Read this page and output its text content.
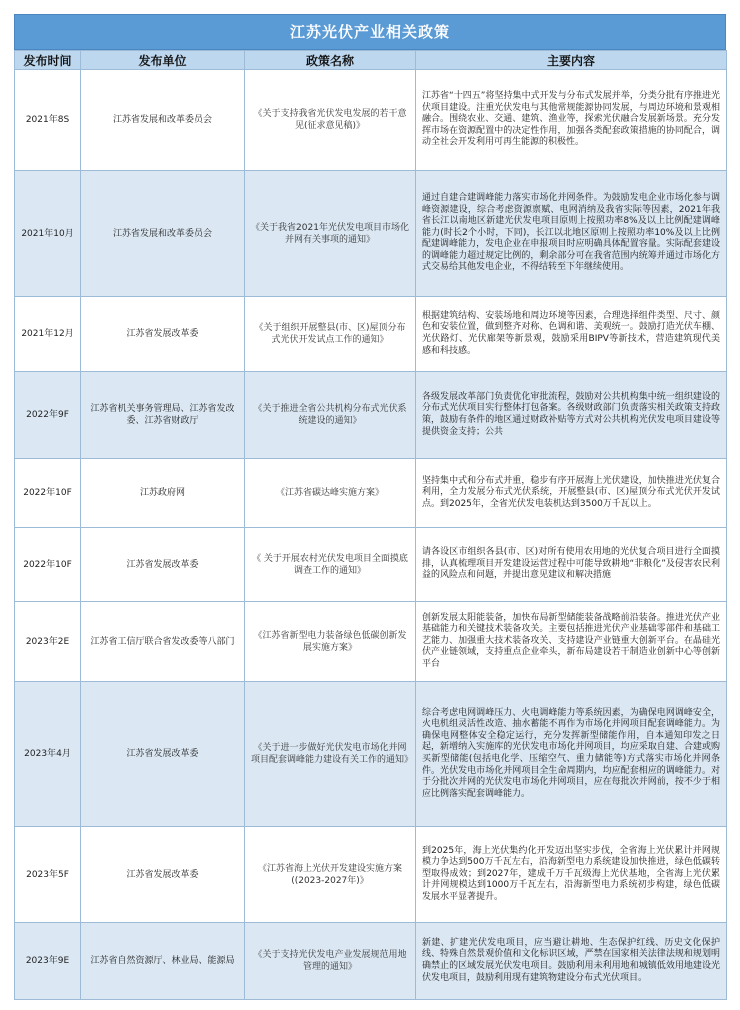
江苏光伏产业相关政策
发布时间	发布单位	政策名称	主要内容
2021年8S	江苏省发展和改革委员会	《关于支持我省光伏发电发展的若干意见(征求意见稿)》	江苏省“十四五”将坚持集中式开发与分布式发展并举，分类分批有序推进光伏项目建设。注重光伏发电与其他常规能源协同发展，与周边环境和景观相融合。围绕农业、交通、建筑、渔业等，探索光伏融合发展新场景。充分发挥市场在资源配置中的决定性作用，加强各类配套政策措施的协同配合，调动全社会开发利用可再生能源的积极性。
2021年10月	江苏省发展和改革委员会	《关于我省2021年光伏发电项目市场化并网有关事项的通知》	通过自建合建调峰能力落实市场化并网条件。为鼓励发电企业市场化参与调峰资源建设，综合考虑资源禀赋、电网消纳及我省实际等因素，2021年我省长江以南地区新建光伏发电项目原则上按照功率8%及以上比例配建调峰能力(时长2个小时，下同)，长江以北地区原则上按照功率10%及以上比例配建调峰能力，发电企业在申报项目时应明确具体配置容量。实际配套建设的调峰能力超过规定比例的，剩余部分可在我省范围内统筹并通过市场化方式交易给其他发电企业，不得结转至下年继续使用。
2021年12月	江苏省发展改革委	《关于组织开展整县(市、区)屋顶分布式光伏开发试点工作的通知》	根据建筑结构、安装场地和周边环境等因素，合理选择组件类型、尺寸、颜色和安装位置，做到整齐对称、色调和谐、美观统一。鼓励打造光伏车棚、光伏路灯、光伏廊架等新景观，鼓励采用BIPV等新技术，营造建筑现代美感和科技感。
2022年9F	江苏省机关事务管理局、江苏省发改委、江苏省财政厅	《关于推进全省公共机构分布式光伏系统建设的通知》	各级发展改革部门负责优化审批流程，鼓励对公共机构集中统一组织建设的分布式光伏项目实行整体打包备案。各级财政部门负责落实相关政策支持政策，鼓励有条件的地区通过财政补贴等方式对公共机构光伏发电项目建设等提供资金支持；公共
2022年10F	江苏政府网	《江苏省碳达峰实施方案》	坚持集中式和分布式并重，稳步有序开展海上光伏建设，加快推进光伏复合利用，全力发展分布式光伏系统，开展整县(市、区)屋顶分布式光伏开发试点。到2025年，全省光伏发电装机达到3500万千瓦以上。
2022年10F	江苏省发展改革委	《 关于开展农村光伏发电项目全面摸底调查工作的通知》	请各设区市组织各县(市、区)对所有使用农用地的光伏复合项目进行全面摸排，认真梳理项目开发建设运营过程中可能导致耕地“非粮化”及侵害农民利益的风险点和问题，并提出意见建议和解决措施
2023年2E	江苏省工信厅联合省发改委等八部门	《江苏省新型电力装备绿色低碳创新发展实施方案》	创新发展太阳能装备，加快布局新型储能装备战略前沿装备。推进光伏产业基础能力和关键技术装备攻关。主要包括推进光伏产业基础零部件和基础工艺能力、加强重大技术装备攻关、支持建设产业链重大创新平台。在晶硅光伏产业链领域，支持重点企业牵头，新布局建设若干制造业创新中心等创新平台
2023年4月	江苏省发展改革委	《关于进一步做好光伏发电市场化并网项目配套调峰能力建设有关工作的通知》	综合考虑电网调峰压力、火电调峰能力等系统因素，为确保电网调峰安全，火电机组灵活性改造、抽水蓄能不再作为市场化并网项目配套调峰能力。为确保电网整体安全稳定运行，充分发挥新型储能作用，自本通知印发之日起，新增纳入实施库的光伏发电市场化并网项目，均应采取自建、合建或购买新型储能(包括电化学、压缩空气、重力储能等)方式落实市场化并网条件。光伏发电市场化并网项目全生命周期内，均应配套相应的调峰能力。对于分批次并网的光伏发电市场化并网项目，应在每批次并网前，按不少于相应比例落实配套调峰能力。
2023年5F	江苏省发展改革委	《江苏省海上光伏开发建设实施方案((2023-2027年)》	到2025年，海上光伏集约化开发迈出坚实步伐，全省海上光伏累计并网规模力争达到500万千瓦左右，沿海新型电力系统建设加快推进，绿色低碳转型取得成效；到2027年，建成千万千瓦级海上光伏基地，全省海上光伏累计并网规模达到1000万千瓦左右，沿海新型电力系统初步构建，绿色低碳发展水平显著提升。
2023年9E	江苏省自然资源厅、林业局、能源局	《关于支持光伏发电产业发展规范用地管理的通知》	新建、扩建光伏发电项目，应当避让耕地、生态保护红线、历史文化保护线、特殊自然景观价值和文化标识区域，严禁在国家相关法律法规和规划明确禁止的区域发展光伏发电项目。鼓励利用未利用地和城镇低效用地建设光伏发电项目，鼓励利用现有建筑物建设分布式光伏项目。
